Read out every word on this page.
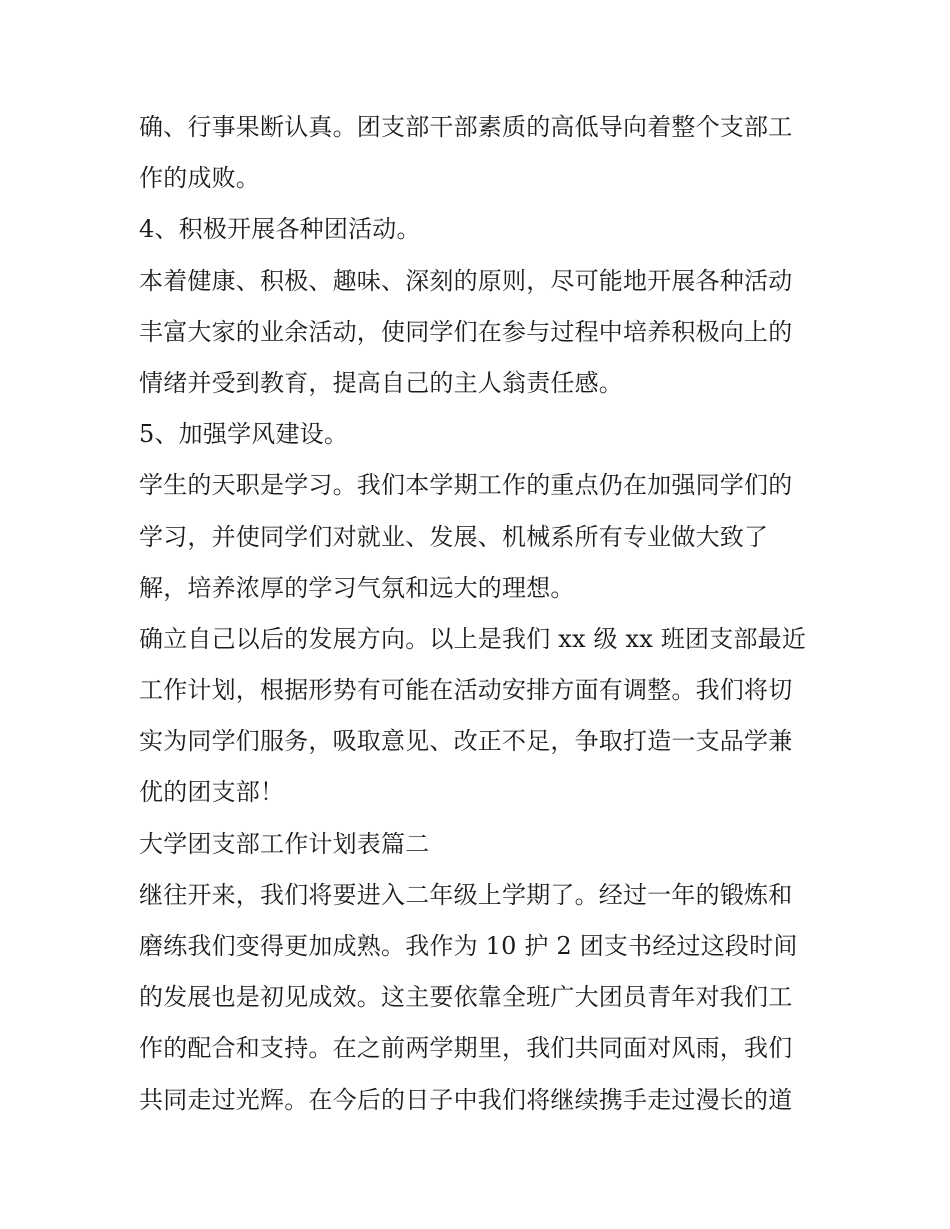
确、行事果断认真。团支部干部素质的高低导向着整个支部工
作的成败。
4、积极开展各种团活动。
本着健康、积极、趣味、深刻的原则，尽可能地开展各种活动
丰富大家的业余活动，使同学们在参与过程中培养积极向上的
情绪并受到教育，提高自己的主人翁责任感。
5、加强学风建设。
学生的天职是学习。我们本学期工作的重点仍在加强同学们的
学习，并使同学们对就业、发展、机械系所有专业做大致了
解，培养浓厚的学习气氛和远大的理想。
确立自己以后的发展方向。以上是我们 xx 级 xx 班团支部最近
工作计划，根据形势有可能在活动安排方面有调整。我们将切
实为同学们服务，吸取意见、改正不足，争取打造一支品学兼
优的团支部！
大学团支部工作计划表篇二
继往开来，我们将要进入二年级上学期了。经过一年的锻炼和
磨练我们变得更加成熟。我作为 10 护 2 团支书经过这段时间
的发展也是初见成效。这主要依靠全班广大团员青年对我们工
作的配合和支持。在之前两学期里，我们共同面对风雨，我们
共同走过光辉。在今后的日子中我们将继续携手走过漫长的道
